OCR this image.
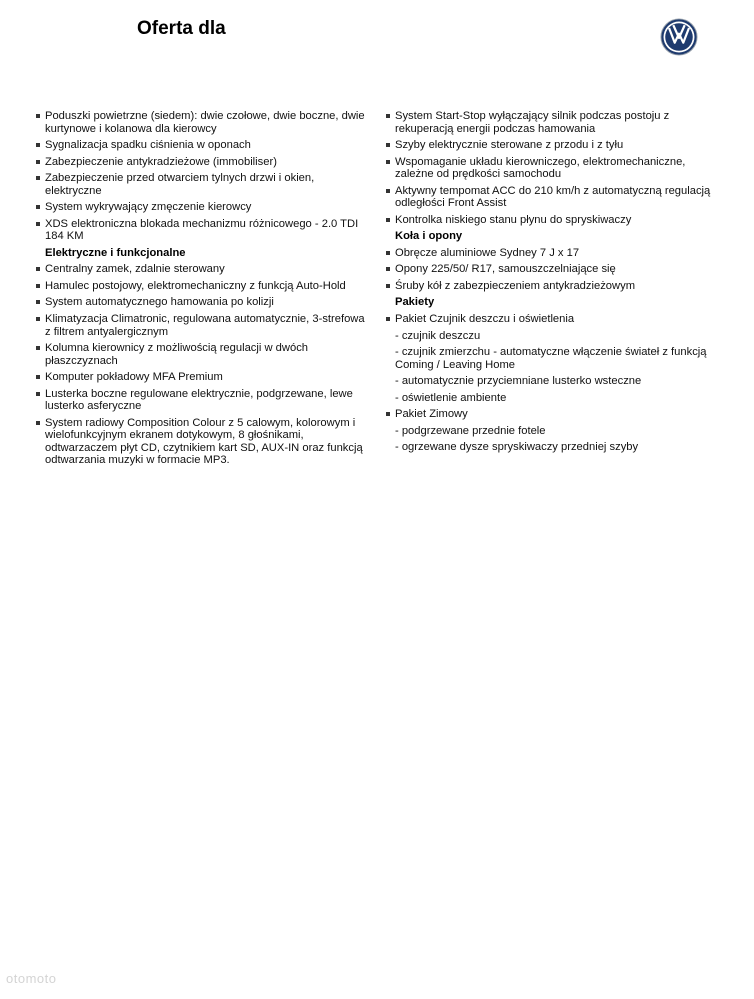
Oferta dla
Poduszki powietrzne (siedem): dwie czołowe, dwie boczne, dwie kurtynowe i kolanowa dla kierowcy
Sygnalizacja spadku ciśnienia w oponach
Zabezpieczenie antykradzieżowe (immobiliser)
Zabezpieczenie przed otwarciem tylnych drzwi i okien, elektryczne
System wykrywający zmęczenie kierowcy
XDS elektroniczna blokada mechanizmu różnicowego - 2.0 TDI 184 KM
Elektryczne i funkcjonalne
Centralny zamek, zdalnie sterowany
Hamulec postojowy, elektromechaniczny z funkcją Auto-Hold
System automatycznego hamowania po kolizji
Klimatyzacja Climatronic, regulowana automatycznie, 3-strefowa z filtrem antyalergicznym
Kolumna kierownicy z możliwością regulacji w dwóch płaszczyznach
Komputer pokładowy MFA Premium
Lusterka boczne regulowane elektrycznie, podgrzewane, lewe lusterko asferyczne
System radiowy Composition Colour z 5 calowym, kolorowym i wielofunkcyjnym ekranem dotykowym, 8 głośnikami, odtwarzaczem płyt CD, czytnikiem kart SD, AUX-IN oraz funkcją odtwarzania muzyki w formacie MP3.
System Start-Stop wyłączający silnik podczas postoju z rekuperacją energii podczas hamowania
Szyby elektrycznie sterowane z przodu i z tyłu
Wspomaganie układu kierowniczego, elektromechaniczne, zależne od prędkości samochodu
Aktywny tempomat ACC do 210 km/h z automatyczną regulacją odległości Front Assist
Kontrolka niskiego stanu płynu do spryskiwaczy
Koła i opony
Obręcze aluminiowe Sydney 7 J x 17
Opony 225/50/ R17, samouszczelniające się
Śruby kół z zabezpieczeniem antykradzieżowym
Pakiety
Pakiet Czujnik deszczu i oświetlenia
- czujnik deszczu
- czujnik zmierzchu - automatyczne włączenie świateł z funkcją Coming / Leaving Home
- automatycznie przyciemniane lusterko wsteczne
- oświetlenie ambiente
Pakiet Zimowy
- podgrzewane przednie fotele
- ogrzewane dysze spryskiwaczy przedniej szyby
otomoto
